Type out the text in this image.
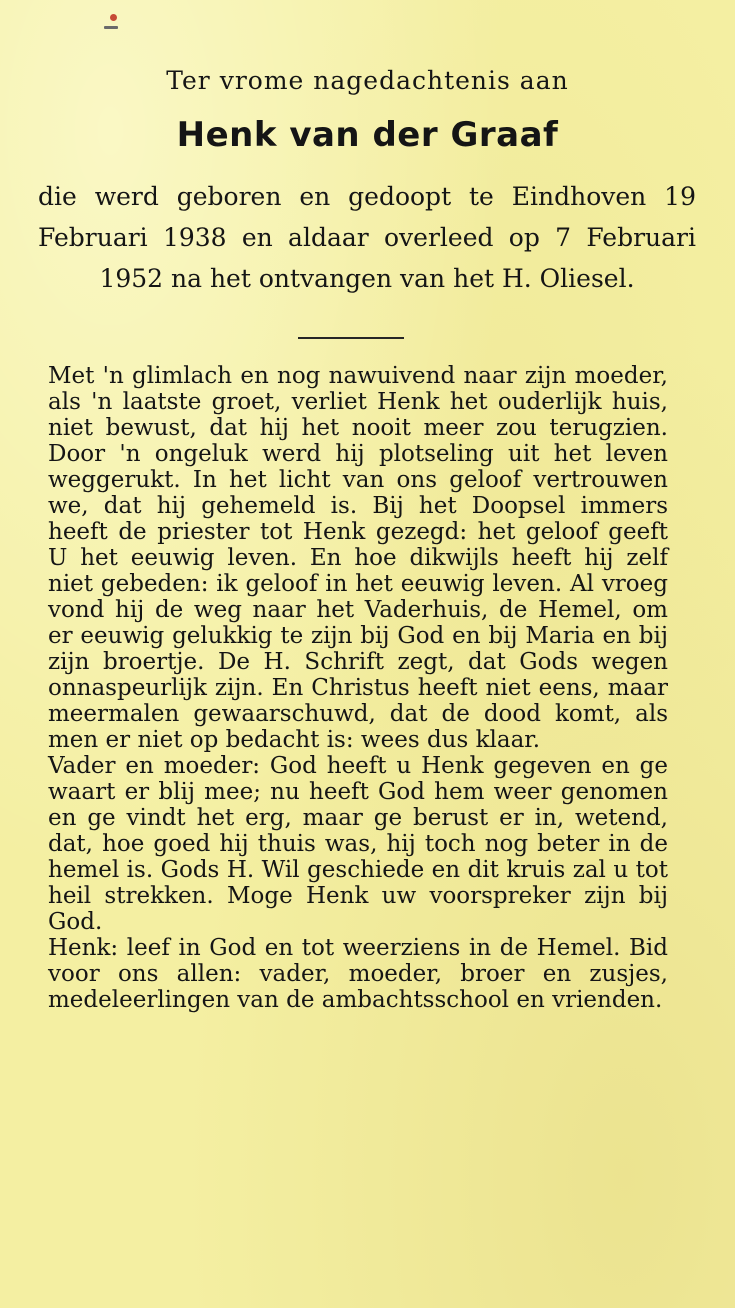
Ter vrome nagedachtenis aan

Henk van der Graaf

die werd geboren en gedoopt te Eindhoven 19 Februari 1938 en aldaar overleed op 7 Februari 1952 na het ontvangen van het H. Oliesel.

Met 'n glimlach en nog nawuivend naar zijn moeder, als 'n laatste groet, verliet Henk het ouderlijk huis, niet bewust, dat hij het nooit meer zou terugzien. Door 'n ongeluk werd hij plotseling uit het leven weggerukt. In het licht van ons geloof vertrouwen we, dat hij gehemeld is. Bij het Doopsel immers heeft de priester tot Henk gezegd: het geloof geeft U het eeuwig leven. En hoe dikwijls heeft hij zelf niet gebeden: ik geloof in het eeuwig leven. Al vroeg vond hij de weg naar het Vaderhuis, de Hemel, om er eeuwig gelukkig te zijn bij God en bij Maria en bij zijn broertje. De H. Schrift zegt, dat Gods wegen onnaspeurlijk zijn. En Christus heeft niet eens, maar meermalen gewaarschuwd, dat de dood komt, als men er niet op bedacht is: wees dus klaar.

Vader en moeder: God heeft u Henk gegeven en ge waart er blij mee; nu heeft God hem weer genomen en ge vindt het erg, maar ge berust er in, wetend, dat, hoe goed hij thuis was, hij toch nog beter in de hemel is. Gods H. Wil geschiede en dit kruis zal u tot heil strekken. Moge Henk uw voorspreker zijn bij God.

Henk: leef in God en tot weerziens in de Hemel. Bid voor ons allen: vader, moeder, broer en zusjes, medeleerlingen van de ambachtsschool en vrienden.
